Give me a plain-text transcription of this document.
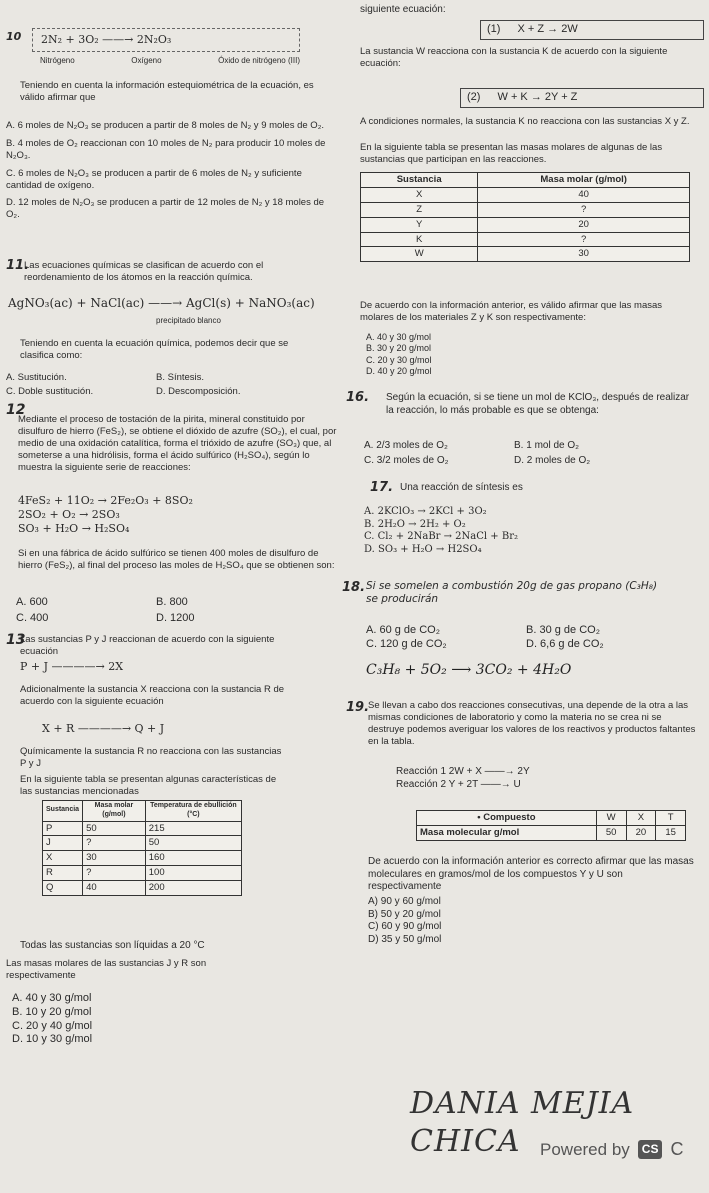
siguiente ecuación:
10	2N₂ + 3O₂ ——→ 2N₂O₃
Nitrógeno	Oxígeno	Óxido de nitrógeno (III)

Teniendo en cuenta la información estequiométrica de la ecuación, es válido afirmar que

A. 6 moles de N₂O₃ se producen a partir de 8 moles de N₂ y 9 moles de O₂.

B. 4 moles de O₂ reaccionan con 10 moles de N₂ para producir 10 moles de N₂O₃.

C. 6 moles de N₂O₃ se producen a partir de 6 moles de N₂ y suficiente cantidad de oxígeno.

D. 12 moles de N₂O₃ se producen a partir de 12 moles de N₂ y 18 moles de O₂.

11.

Las ecuaciones químicas se clasifican de acuerdo con el reordenamiento de los átomos en la reacción química.

AgNO₃(ac) + NaCl(ac) ——→ AgCl(s) + NaNO₃(ac)
precipitado blanco

Teniendo en cuenta la ecuación química, podemos decir que se clasifica como:

A. Sustitución.	B. Síntesis.
C. Doble sustitución.	D. Descomposición.
12

Mediante el proceso de tostación de la pirita, mineral constituido por disulfuro de hierro (FeS₂), se obtiene el dióxido de azufre (SO₂), el cual, por medio de una oxidación catalítica, forma el trióxido de azufre (SO₃) que, al someterse a una hidrólisis, forma el ácido sulfúrico (H₂SO₄), según lo muestra la siguiente serie de reacciones:

4FeS₂ + 11O₂ → 2Fe₂O₃ + 8SO₂
2SO₂ + O₂ → 2SO₃
SO₃ + H₂O → H₂SO₄

Si en una fábrica de ácido sulfúrico se tienen 400 moles de disulfuro de hierro (FeS₂), al final del proceso las moles de H₂SO₄ que se obtienen son:

A. 600	B. 800
C. 400	D. 1200
13

Las sustancias P y J reaccionan de acuerdo con la siguiente ecuación

P + J ————→ 2X

Adicionalmente la sustancia X reacciona con la sustancia R de acuerdo con la siguiente ecuación

X + R ————→ Q + J

Químicamente la sustancia R no reacciona con las sustancias P y J

En la siguiente tabla se presentan algunas características de las sustancias mencionadas

Sustancia	Masa molar (g/mol)	Temperatura de ebullición (°C)
P	50	215
J	?	50
X	30	160
R	?	100
Q	40	200
Todas las sustancias son líquidas a 20 °C

Las masas molares de las sustancias J y R son respectivamente

A. 40 y 30 g/mol
B. 10 y 20 g/mol
C. 20 y 40 g/mol
D. 10 y 30 g/mol
(1) X + Z → 2W

La sustancia W reacciona con la sustancia K de acuerdo con la siguiente ecuación:

(2) W + K → 2Y + Z

A condiciones normales, la sustancia K no reacciona con las sustancias X y Z.

En la siguiente tabla se presentan las masas molares de algunas de las sustancias que participan en las reacciones.

Sustancia	Masa molar (g/mol)
X	40
Z	?
Y	20
K	?
W	30

De acuerdo con la información anterior, es válido afirmar que las masas molares de los materiales Z y K son respectivamente:

A. 40 y 30 g/mol
B. 30 y 20 g/mol
C. 20 y 30 g/mol
D. 40 y 20 g/mol
16. Según la ecuación, si se tiene un mol de KClO₃, después de realizar la reacción, lo más probable es que se obtenga:

A. 2/3 moles de O₂	B. 1 mol de O₂
C. 3/2 moles de O₂	D. 2 moles de O₂
17. Una reacción de síntesis es
A. 2KClO₃ → 2KCl + 3O₂
B. 2H₂O → 2H₂ + O₂
C. Cl₂ + 2NaBr → 2NaCl + Br₂
D. SO₃ + H₂O → H2SO₄
18. Si se somelen a combustión 20g de gas propano (C₃H₈) se producirán

A. 60 g de CO₂	B. 30 g de CO₂
C. 120 g de CO₂	D. 6,6 g de CO₂
C₃H₈ + 5O₂ ⟶ 3CO₂ + 4H₂O
19.

Se llevan a cabo dos reacciones consecutivas, una depende de la otra a las mismas condiciones de laboratorio y como la materia no se crea ni se destruye podemos averiguar los valores de los reactivos y productos faltantes en la tabla.

Reacción 1 2W + X ——→ 2Y
Reacción 2 Y + 2T ——→ U
• Compuesto	W	X	T
Masa molecular g/mol	50	20	15

De acuerdo con la información anterior es correcto afirmar que las masas moleculares en gramos/mol de los compuestos Y y U son respectivamente

A) 90 y 60 g/mol
B) 50 y 20 g/mol
C) 60 y 90 g/mol
D) 35 y 50 g/mol
DANIA MEJIA CHICA	Powered by	CS C
